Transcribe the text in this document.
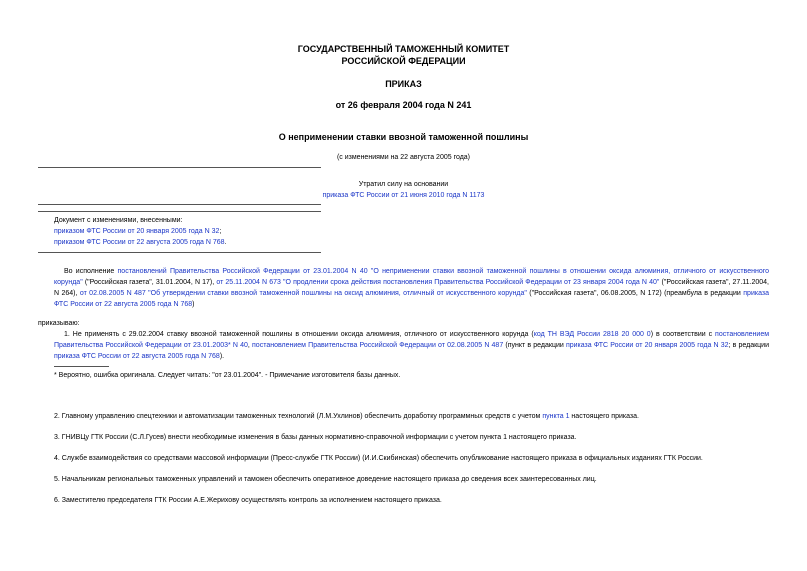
ГОСУДАРСТВЕННЫЙ ТАМОЖЕННЫЙ КОМИТЕТ
РОССИЙСКОЙ ФЕДЕРАЦИИ
ПРИКАЗ
от 26 февраля 2004 года N 241
О неприменении ставки ввозной таможенной пошлины
(с изменениями на 22 августа 2005 года)
Утратил силу на основании
приказа ФТС России от 21 июня 2010 года N 1173
Документ с изменениями, внесенными:
приказом ФТС России от 20 января 2005 года N 32;
приказом ФТС России от 22 августа 2005 года N 768.
Во исполнение постановлений Правительства Российской Федерации от 23.01.2004 N 40 "О неприменении ставки ввозной таможенной пошлины в отношении оксида алюминия, отличного от искусственного корунда" ("Российская газета", 31.01.2004, N 17), от 25.11.2004 N 673 "О продлении срока действия постановления Правительства Российской Федерации от 23 января 2004 года N 40" ("Российская газета", 27.11.2004, N 264), от 02.08.2005 N 487 "Об утверждении ставки ввозной таможенной пошлины на оксид алюминия, отличный от искусственного корунда" ("Российская газета", 06.08.2005, N 172) (преамбула в редакции приказа ФТС России от 22 августа 2005 года N 768)
приказываю:
1. Не применять с 29.02.2004 ставку ввозной таможенной пошлины в отношении оксида алюминия, отличного от искусственного корунда (код ТН ВЭД России 2818 20 000 0) в соответствии с постановлением Правительства Российской Федерации от 23.01.2003* N 40, постановлением Правительства Российской Федерации от 02.08.2005 N 487 (пункт в редакции приказа ФТС России от 20 января 2005 года N 32; в редакции приказа ФТС России от 22 августа 2005 года N 768).
* Вероятно, ошибка оригинала. Следует читать: "от 23.01.2004". - Примечание изготовителя базы данных.
2. Главному управлению спецтехники и автоматизации таможенных технологий (Л.М.Ухлинов) обеспечить доработку программных средств с учетом пункта 1 настоящего приказа.
3. ГНИВЦу ГТК России (С.Л.Гусев) внести необходимые изменения в базы данных нормативно-справочной информации с учетом пункта 1 настоящего приказа.
4. Службе взаимодействия со средствами массовой информации (Пресс-службе ГТК России) (И.И.Скибинская) обеспечить опубликование настоящего приказа в официальных изданиях ГТК России.
5. Начальникам региональных таможенных управлений и таможен обеспечить оперативное доведение настоящего приказа до сведения всех заинтересованных лиц.
6. Заместителю председателя ГТК России А.Е.Жерихову осуществлять контроль за исполнением настоящего приказа.
